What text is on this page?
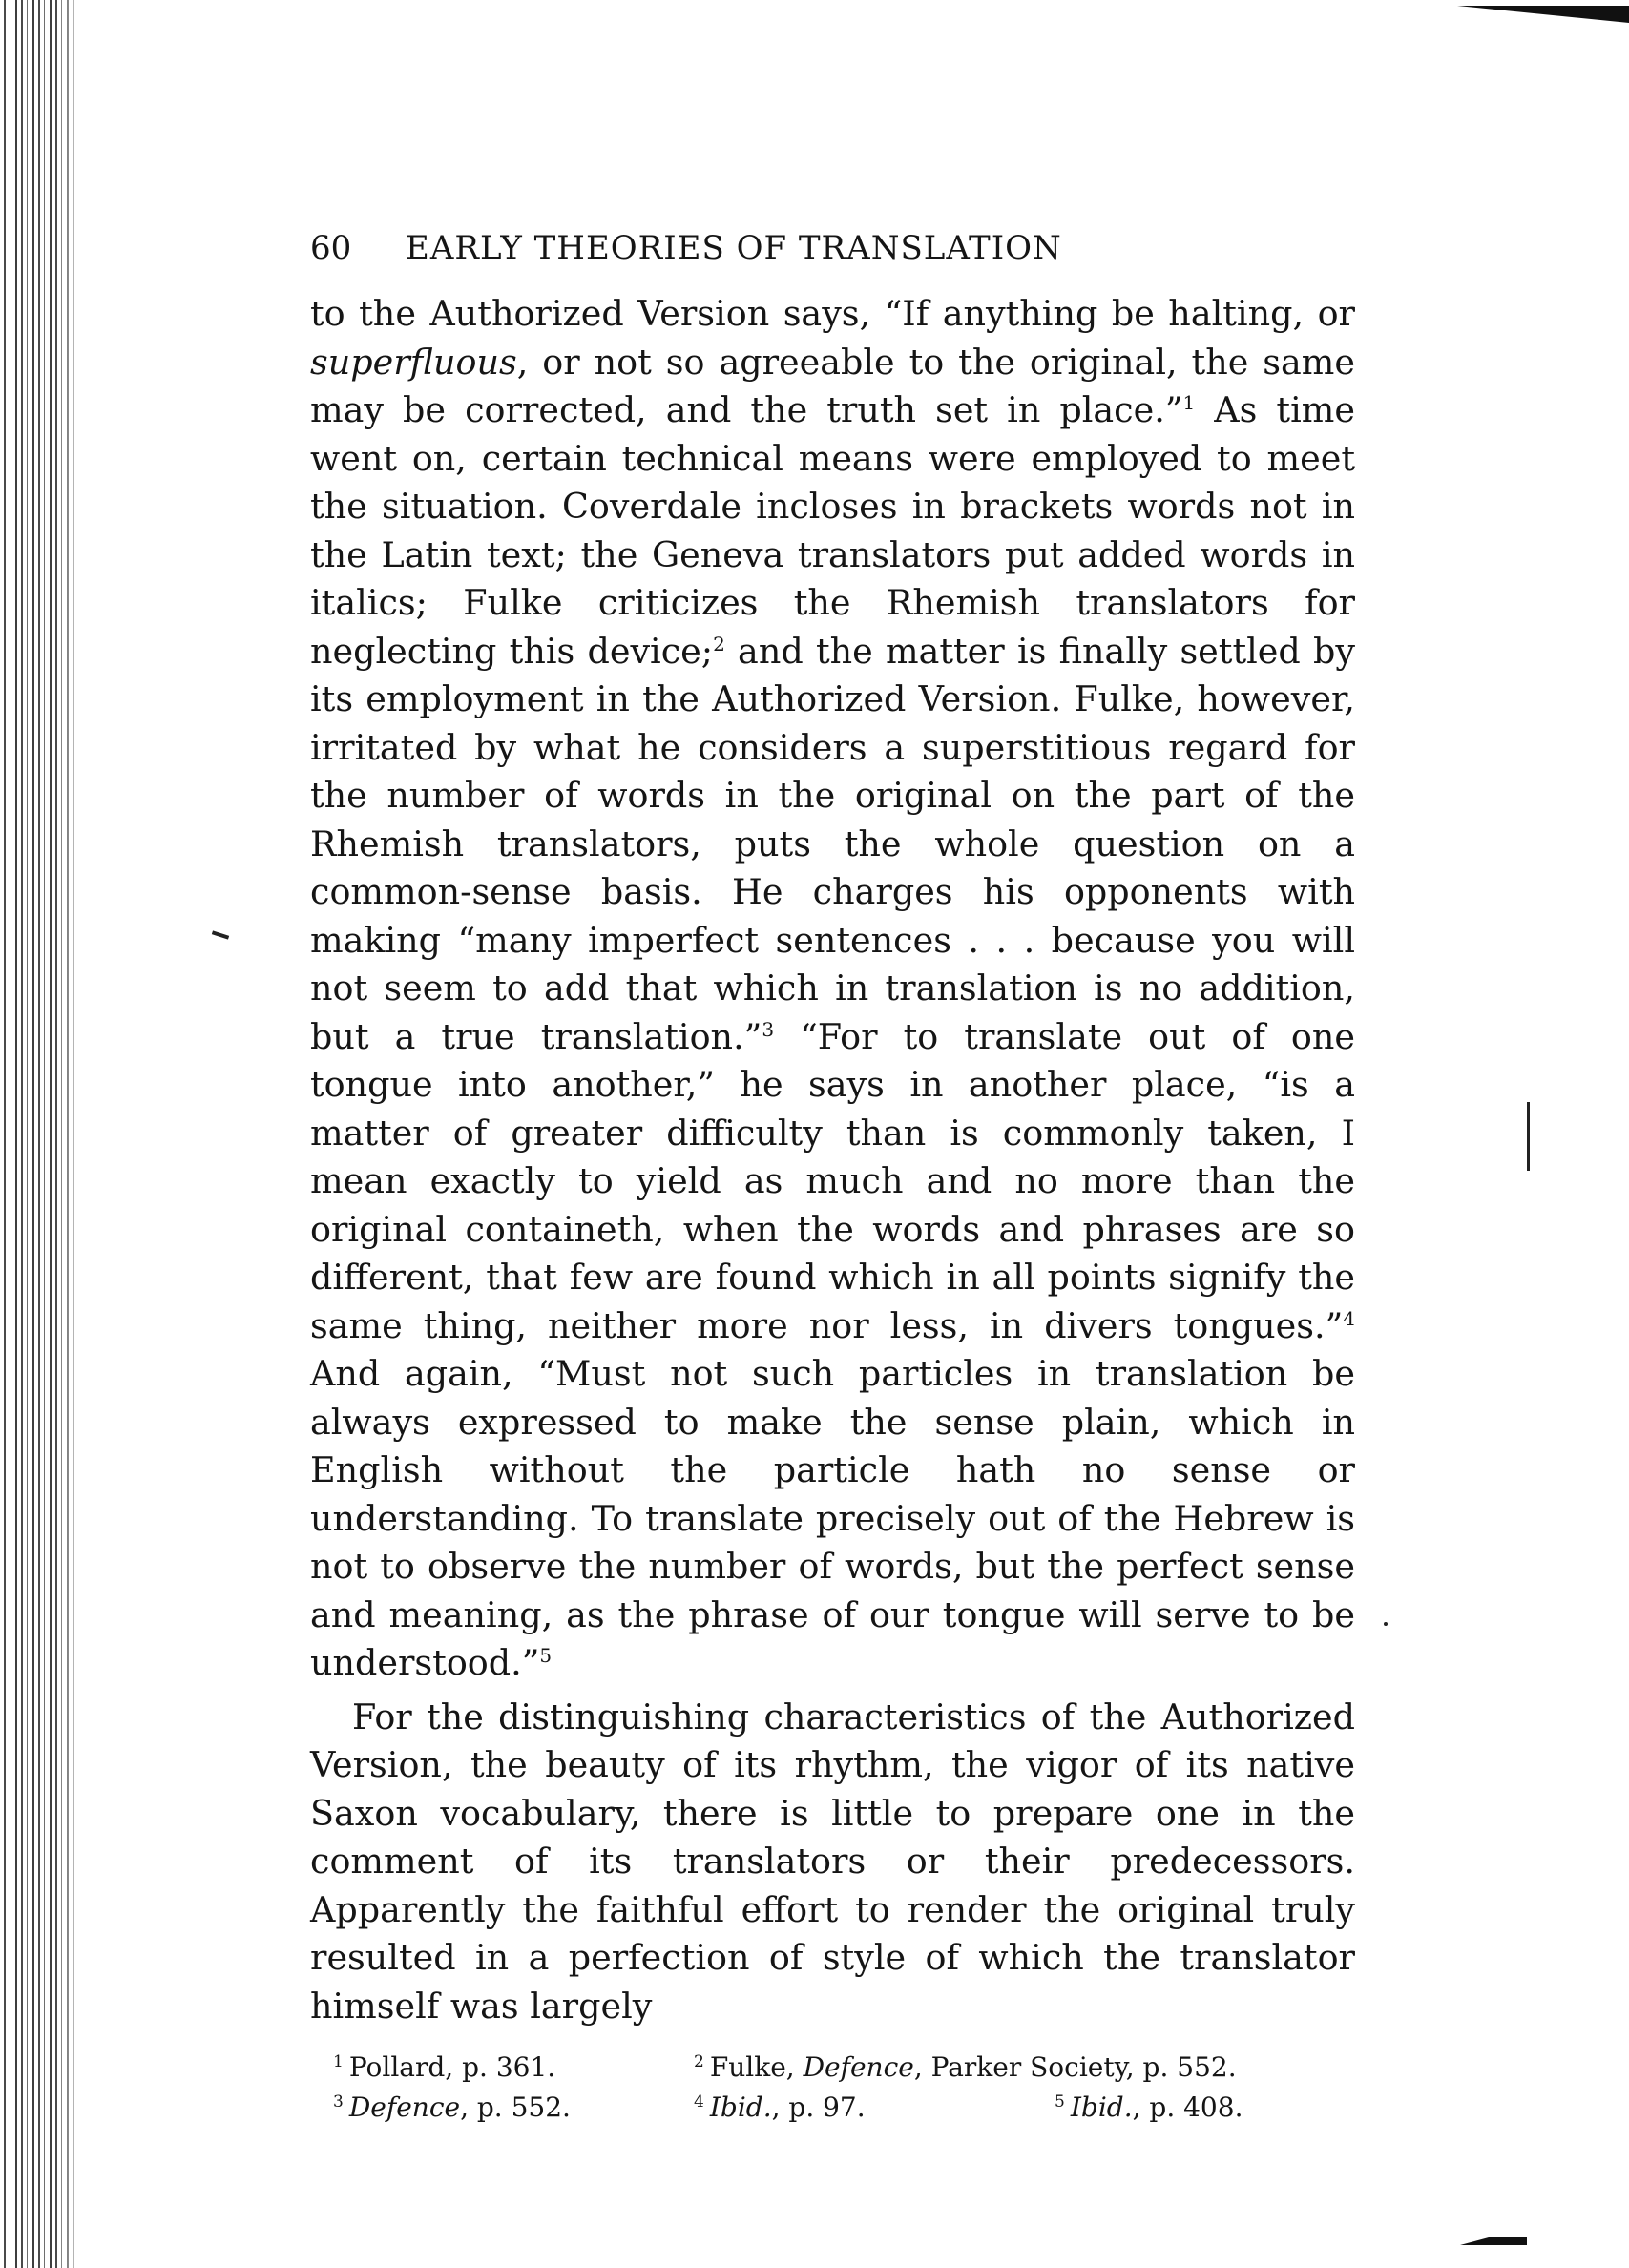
60	EARLY THEORIES OF TRANSLATION

to the Authorized Version says, “If anything be halting, or superfluous, or not so agreeable to the original, the same may be corrected, and the truth set in place.”$^1$ As time went on, certain technical means were employed to meet the situation. Coverdale incloses in brackets words not in the Latin text; the Geneva translators put added words in italics; Fulke criticizes the Rhemish translators for neglecting this device;$^2$ and the matter is finally settled by its employment in the Authorized Version. Fulke, however, irritated by what he considers a superstitious regard for the number of words in the original on the part of the Rhemish translators, puts the whole question on a common-sense basis. He charges his opponents with making “many imperfect sentences . . . because you will not seem to add that which in translation is no addition, but a true translation.”$^3$ “For to translate out of one tongue into another,” he says in another place, “is a matter of greater difficulty than is commonly taken, I mean exactly to yield as much and no more than the original containeth, when the words and phrases are so different, that few are found which in all points signify the same thing, neither more nor less, in divers tongues.”$^4$ And again, “Must not such particles in translation be always expressed to make the sense plain, which in English without the particle hath no sense or understanding. To translate precisely out of the Hebrew is not to observe the number of words, but the perfect sense and meaning, as the phrase of our tongue will serve to be understood.”$^5$

For the distinguishing characteristics of the Authorized Version, the beauty of its rhythm, the vigor of its native Saxon vocabulary, there is little to prepare one in the comment of its translators or their predecessors. Apparently the faithful effort to render the original truly resulted in a perfection of style of which the translator himself was largely

$^1$ Pollard, p. 361.	$^2$ Fulke, Defence, Parker Society, p. 552.
$^3$ Defence, p. 552.	$^4$ Ibid., p. 97.	$^5$ Ibid., p. 408.
